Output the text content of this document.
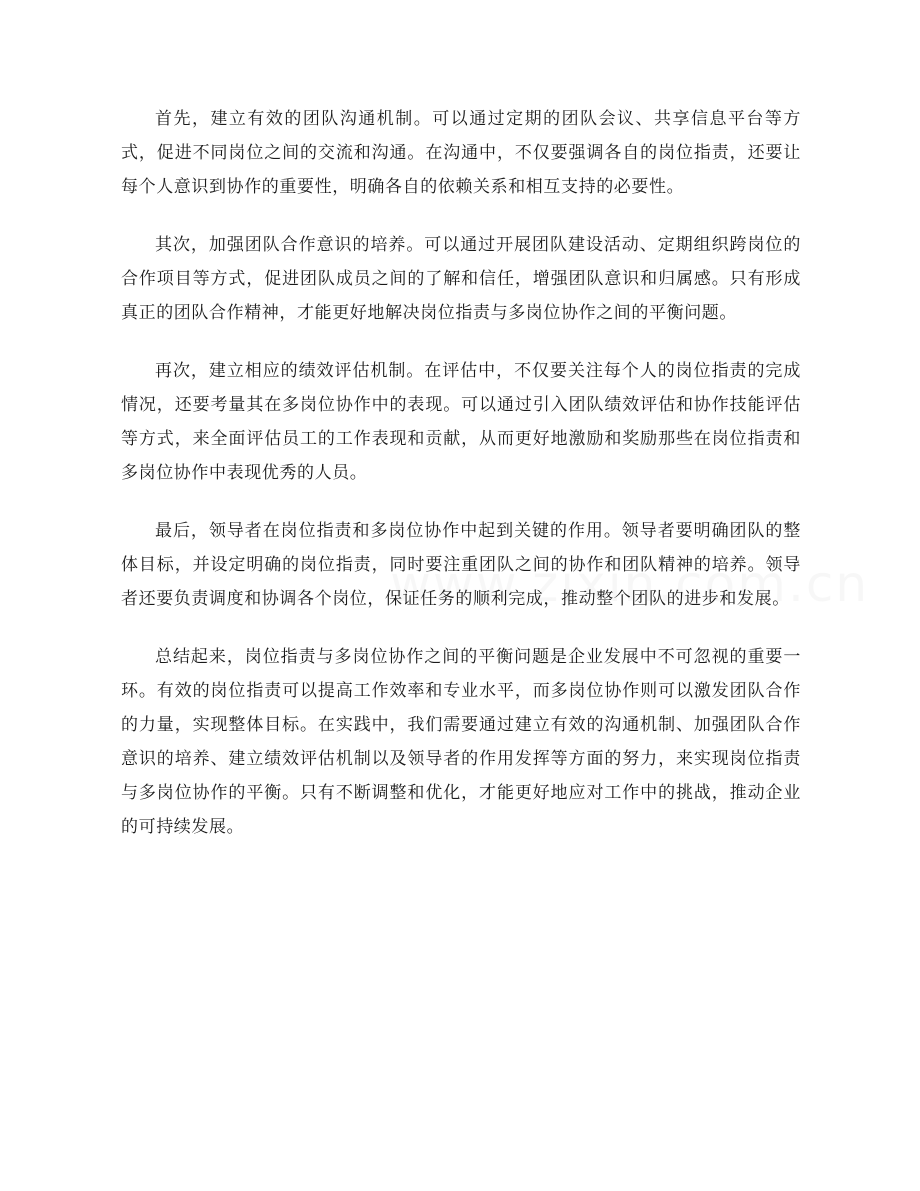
首先，建立有效的团队沟通机制。可以通过定期的团队会议、共享信息平台等方式，促进不同岗位之间的交流和沟通。在沟通中，不仅要强调各自的岗位指责，还要让每个人意识到协作的重要性，明确各自的依赖关系和相互支持的必要性。

其次，加强团队合作意识的培养。可以通过开展团队建设活动、定期组织跨岗位的合作项目等方式，促进团队成员之间的了解和信任，增强团队意识和归属感。只有形成真正的团队合作精神，才能更好地解决岗位指责与多岗位协作之间的平衡问题。

再次，建立相应的绩效评估机制。在评估中，不仅要关注每个人的岗位指责的完成情况，还要考量其在多岗位协作中的表现。可以通过引入团队绩效评估和协作技能评估等方式，来全面评估员工的工作表现和贡献，从而更好地激励和奖励那些在岗位指责和多岗位协作中表现优秀的人员。

最后，领导者在岗位指责和多岗位协作中起到关键的作用。领导者要明确团队的整体目标，并设定明确的岗位指责，同时要注重团队之间的协作和团队精神的培养。领导者还要负责调度和协调各个岗位，保证任务的顺利完成，推动整个团队的进步和发展。

总结起来，岗位指责与多岗位协作之间的平衡问题是企业发展中不可忽视的重要一环。有效的岗位指责可以提高工作效率和专业水平，而多岗位协作则可以激发团队合作的力量，实现整体目标。在实践中，我们需要通过建立有效的沟通机制、加强团队合作意识的培养、建立绩效评估机制以及领导者的作用发挥等方面的努力，来实现岗位指责与多岗位协作的平衡。只有不断调整和优化，才能更好地应对工作中的挑战，推动企业的可持续发展。
